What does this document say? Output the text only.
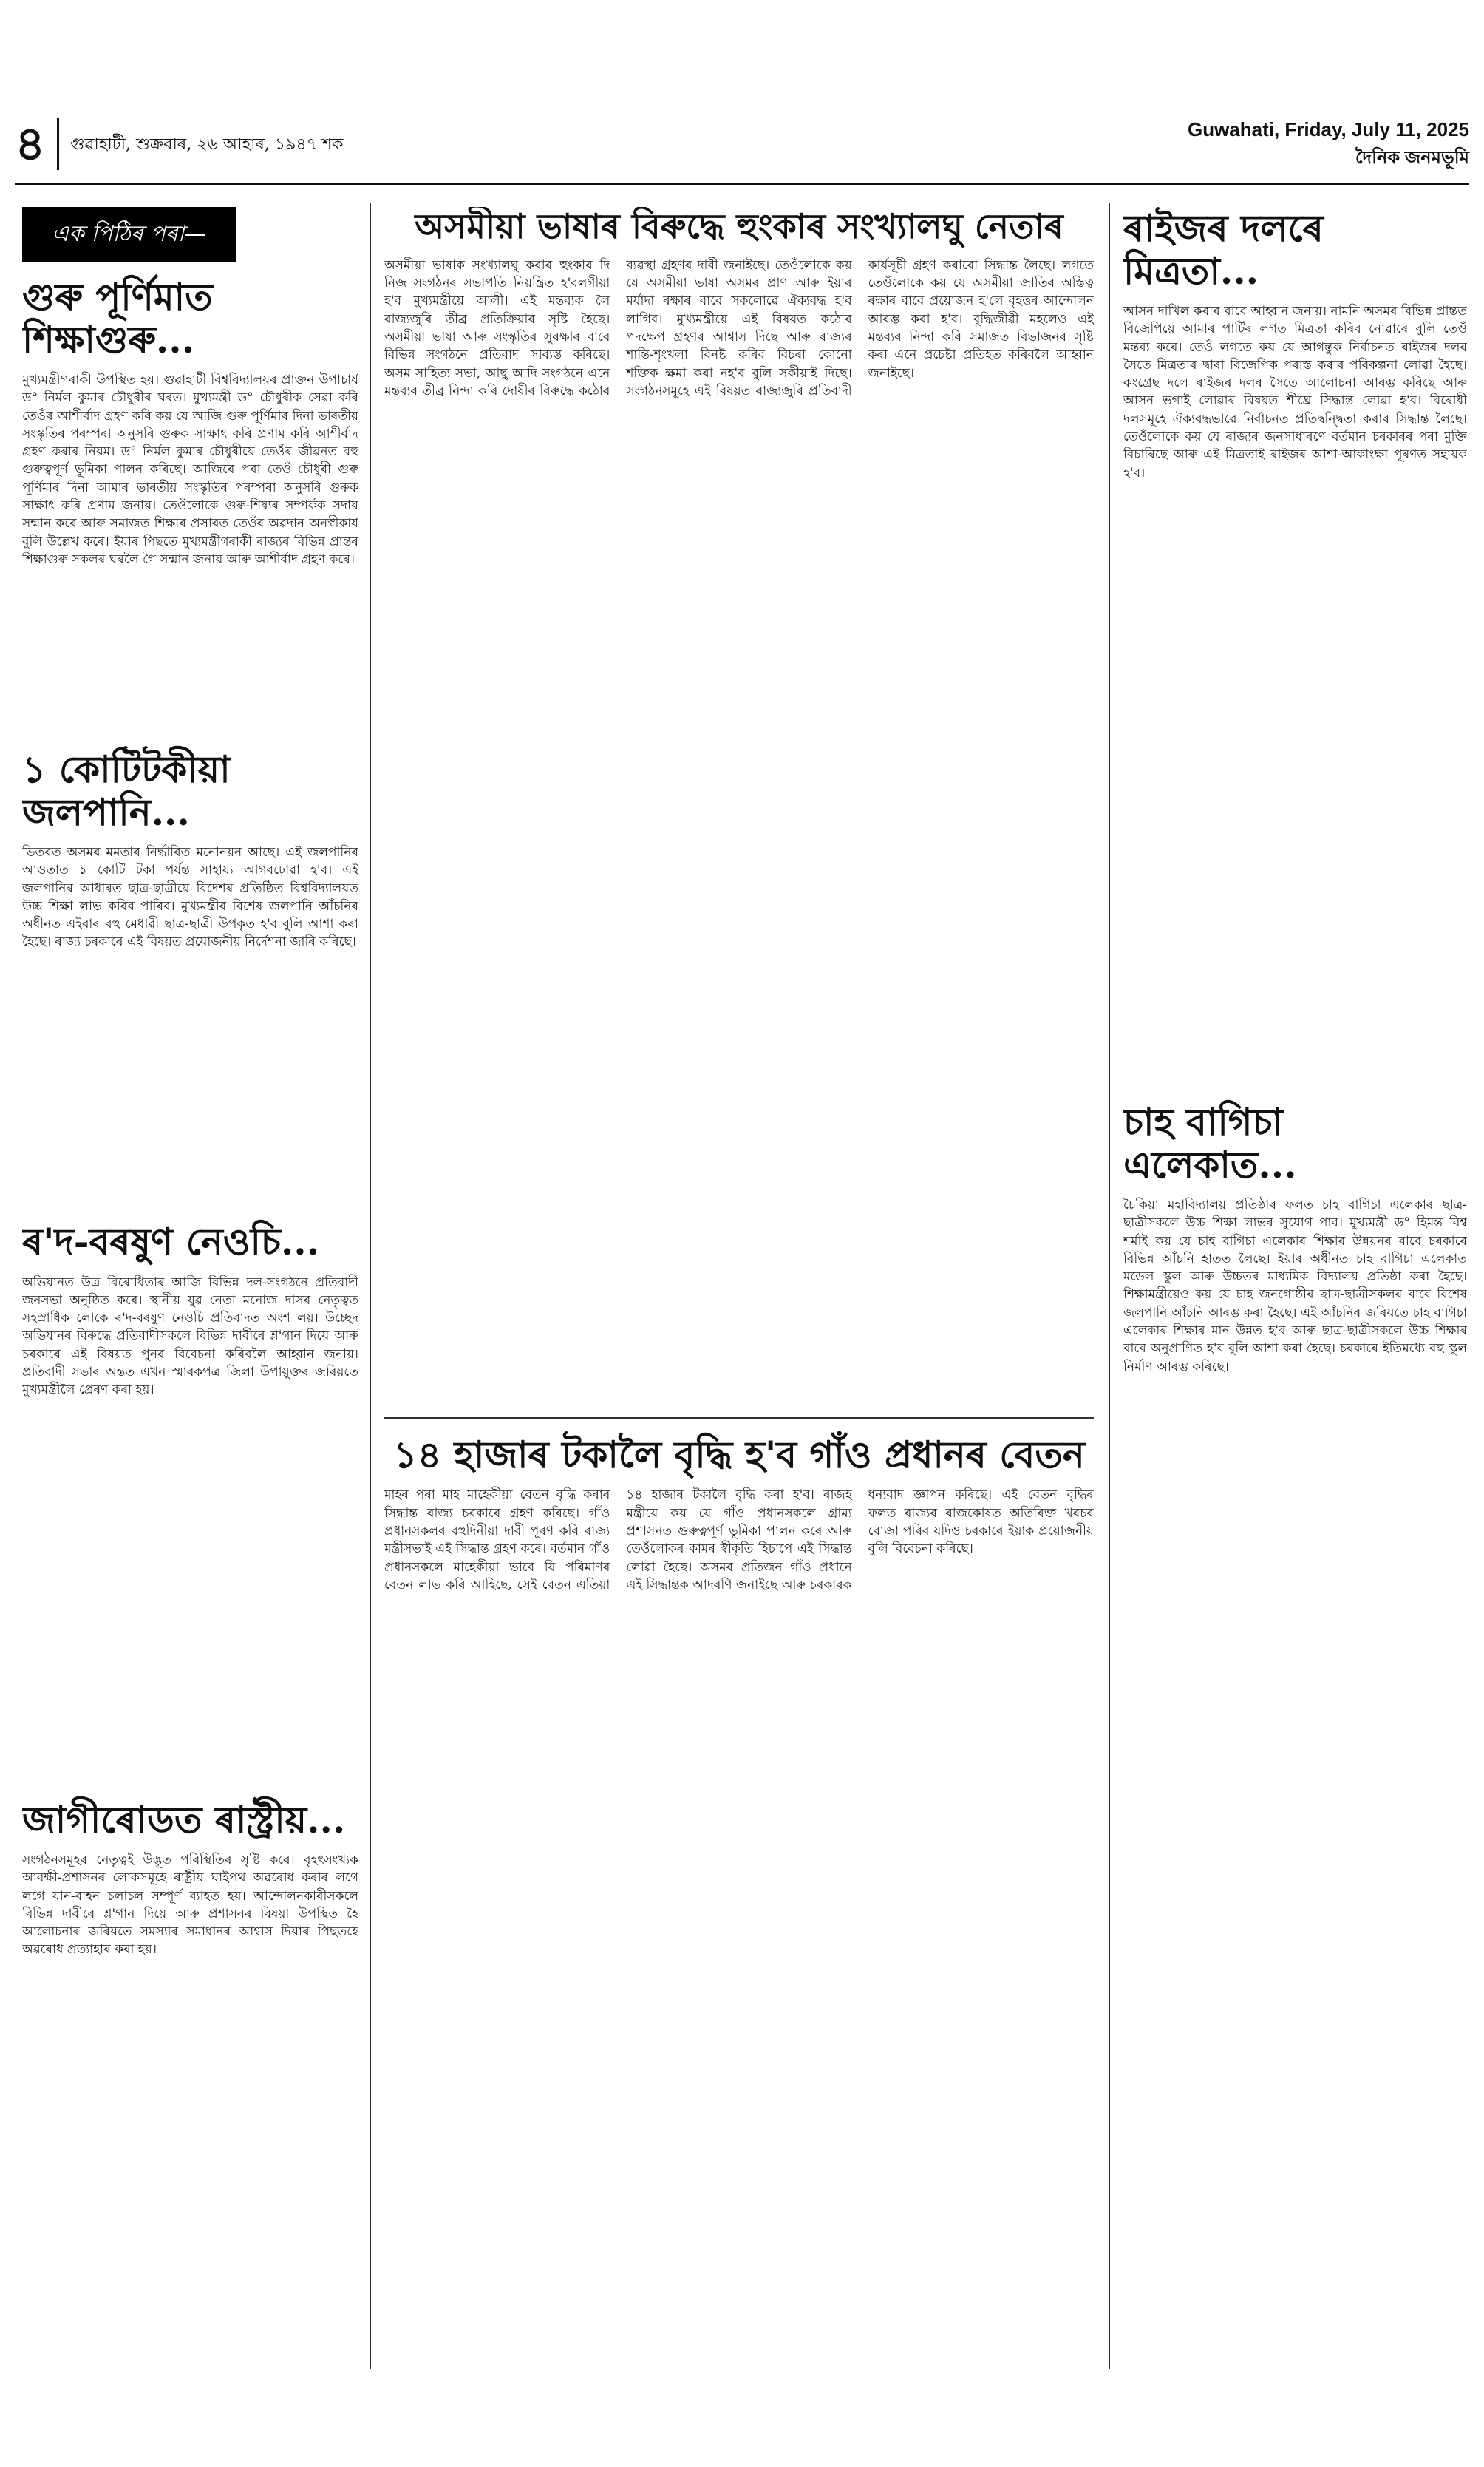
৪	গুৱাহাটী, শুক্ৰবাৰ, ২৬ আহাৰ, ১৯৪৭ শক
Guwahati, Friday, July 11, 2025
দৈনিক জনমভূমি
এক পিঠিৰ পৰা—
গুৰু পূৰ্ণিমাত শিক্ষাগুৰু...
মুখ্যমন্ত্ৰীগৰাকী উপস্থিত হয়। গুৱাহাটী বিশ্ববিদ্যালয়ৰ প্ৰাক্তন উপাচাৰ্য ড° নিৰ্মল কুমাৰ চৌধুৰীৰ ঘৰত। মুখ্যমন্ত্ৰী ড° চৌধুৰীক সেৱা কৰি তেওঁৰ আশীৰ্বাদ গ্ৰহণ কৰি কয় যে আজি গুৰু পূৰ্ণিমাৰ দিনা ভাৰতীয় সংস্কৃতিৰ পৰম্পৰা অনুসৰি গুৰুক সাক্ষাৎ কৰি প্ৰণাম কৰি আশীৰ্বাদ গ্ৰহণ কৰাৰ নিয়ম। ড° নিৰ্মল কুমাৰ চৌধুৰীয়ে তেওঁৰ জীৱনত বহু গুৰুত্বপূৰ্ণ ভূমিকা পালন কৰিছে। আজিৰে পৰা তেওঁ চৌধুৰী গুৰু পূৰ্ণিমাৰ দিনা আমাৰ ভাৰতীয় সংস্কৃতিৰ পৰম্পৰা অনুসৰি গুৰুক সাক্ষাৎ কৰি প্ৰণাম জনায়। তেওঁলোকে গুৰু-শিষ্যৰ সম্পৰ্কক সদায় সন্মান কৰে আৰু সমাজত শিক্ষাৰ প্ৰসাৰত তেওঁৰ অৱদান অনস্বীকাৰ্য বুলি উল্লেখ কৰে। ইয়াৰ পিছতে মুখ্যমন্ত্ৰীগৰাকী ৰাজ্যৰ বিভিন্ন প্ৰান্তৰ শিক্ষাগুৰু সকলৰ ঘৰলৈ গৈ সন্মান জনায় আৰু আশীৰ্বাদ গ্ৰহণ কৰে।
১ কোটিটকীয়া জলপানি...
ভিতৰত অসমৰ মমতাৰ নিৰ্দ্ধাৰিত মনোনয়ন আছে। এই জলপানিৰ আওতাত ১ কোটি টকা পৰ্যন্ত সাহায্য আগবঢ়োৱা হ'ব। এই জলপানিৰ আধাৰত ছাত্ৰ-ছাত্ৰীয়ে বিদেশৰ প্ৰতিষ্ঠিত বিশ্ববিদ্যালয়ত উচ্চ শিক্ষা লাভ কৰিব পাৰিব। মুখ্যমন্ত্ৰীৰ বিশেষ জলপানি আঁচনিৰ অধীনত এইবাৰ বহু মেধাৱী ছাত্ৰ-ছাত্ৰী উপকৃত হ'ব বুলি আশা কৰা হৈছে। ৰাজ্য চৰকাৰে এই বিষয়ত প্ৰয়োজনীয় নিৰ্দেশনা জাৰি কৰিছে।
ৰ'দ-বৰষুণ নেওচি...
অভিযানত উত্ৰ বিৰোধিতাৰ আজি বিভিন্ন দল-সংগঠনে প্ৰতিবাদী জনসভা অনুষ্ঠিত কৰে। স্থানীয় যুৱ নেতা মনোজ দাসৰ নেতৃত্বত সহস্ৰাধিক লোকে ৰ'দ-বৰষুণ নেওচি প্ৰতিবাদত অংশ লয়। উচ্ছেদ অভিযানৰ বিৰুদ্ধে প্ৰতিবাদীসকলে বিভিন্ন দাবীৰে শ্ল'গান দিয়ে আৰু চৰকাৰে এই বিষয়ত পুনৰ বিবেচনা কৰিবলৈ আহ্বান জনায়। প্ৰতিবাদী সভাৰ অন্তত এখন স্মাৰকপত্ৰ জিলা উপায়ুক্তৰ জৰিয়তে মুখ্যমন্ত্ৰীলৈ প্ৰেৰণ কৰা হয়।
জাগীৰোডত ৰাস্ট্ৰীয়...
সংগঠনসমূহৰ নেতৃত্বই উদ্ভূত পৰিস্থিতিৰ সৃষ্টি কৰে। বৃহৎসংখ্যক আবক্ষী-প্ৰশাসনৰ লোকসমূহে ৰাষ্ট্ৰীয় ঘাইপথ অৱৰোধ কৰাৰ লগে লগে যান-বাহন চলাচল সম্পূৰ্ণ ব্যাহত হয়। আন্দোলনকাৰীসকলে বিভিন্ন দাবীৰে শ্ল'গান দিয়ে আৰু প্ৰশাসনৰ বিষয়া উপস্থিত হৈ আলোচনাৰ জৰিয়তে সমস্যাৰ সমাধানৰ আশ্বাস দিয়াৰ পিছতহে অৱৰোধ প্ৰত্যাহাৰ কৰা হয়।
অসমীয়া ভাষাৰ বিৰুদ্ধে হুংকাৰ সংখ্যালঘু নেতাৰ
অসমীয়া ভাষাক সংখ্যালঘু কৰাৰ হুংকাৰ দি নিজ সংগঠনৰ সভাপতি নিয়ন্ত্ৰিত হ'বলগীয়া হ'ব মুখ্যমন্ত্ৰীয়ে আলী। এই মন্তব্যক লৈ ৰাজ্যজুৰি তীব্ৰ প্ৰতিক্ৰিয়াৰ সৃষ্টি হৈছে। অসমীয়া ভাষা আৰু সংস্কৃতিৰ সুৰক্ষাৰ বাবে বিভিন্ন সংগঠনে প্ৰতিবাদ সাব্যস্ত কৰিছে। অসম সাহিত্য সভা, আছু আদি সংগঠনে এনে মন্তব্যৰ তীব্ৰ নিন্দা কৰি দোষীৰ বিৰুদ্ধে কঠোৰ ব্যৱস্থা গ্ৰহণৰ দাবী জনাইছে। তেওঁলোকে কয় যে অসমীয়া ভাষা অসমৰ প্ৰাণ আৰু ইয়াৰ মৰ্যাদা ৰক্ষাৰ বাবে সকলোৱে ঐক্যবদ্ধ হ'ব লাগিব। মুখ্যমন্ত্ৰীয়ে এই বিষয়ত কঠোৰ পদক্ষেপ গ্ৰহণৰ আশ্বাস দিছে আৰু ৰাজ্যৰ শান্তি-শৃংখলা বিনষ্ট কৰিব বিচৰা কোনো শক্তিক ক্ষমা কৰা নহ'ব বুলি সকীয়াই দিছে। সংগঠনসমূহে এই বিষয়ত ৰাজ্যজুৰি প্ৰতিবাদী কাৰ্যসূচী গ্ৰহণ কৰাৰো সিদ্ধান্ত লৈছে। লগতে তেওঁলোকে কয় যে অসমীয়া জাতিৰ অস্তিত্ব ৰক্ষাৰ বাবে প্ৰয়োজন হ'লে বৃহত্তৰ আন্দোলন আৰম্ভ কৰা হ'ব। বুদ্ধিজীৱী মহলেও এই মন্তব্যৰ নিন্দা কৰি সমাজত বিভাজনৰ সৃষ্টি কৰা এনে প্ৰচেষ্টা প্ৰতিহত কৰিবলৈ আহ্বান জনাইছে।
১৪ হাজাৰ টকালৈ বৃদ্ধি হ'ব গাঁও প্ৰধানৰ বেতন
মাহৰ পৰা মাহ মাহেকীয়া বেতন বৃদ্ধি কৰাৰ সিদ্ধান্ত ৰাজ্য চৰকাৰে গ্ৰহণ কৰিছে। গাঁও প্ৰধানসকলৰ বহুদিনীয়া দাবী পূৰণ কৰি ৰাজ্য মন্ত্ৰীসভাই এই সিদ্ধান্ত গ্ৰহণ কৰে। বৰ্তমান গাঁও প্ৰধানসকলে মাহেকীয়া ভাবে যি পৰিমাণৰ বেতন লাভ কৰি আহিছে, সেই বেতন এতিয়া ১৪ হাজাৰ টকালৈ বৃদ্ধি কৰা হ'ব। ৰাজহ মন্ত্ৰীয়ে কয় যে গাঁও প্ৰধানসকলে গ্ৰাম্য প্ৰশাসনত গুৰুত্বপূৰ্ণ ভূমিকা পালন কৰে আৰু তেওঁলোকৰ কামৰ স্বীকৃতি হিচাপে এই সিদ্ধান্ত লোৱা হৈছে। অসমৰ প্ৰতিজন গাঁও প্ৰধানে এই সিদ্ধান্তক আদৰণি জনাইছে আৰু চৰকাৰক ধন্যবাদ জ্ঞাপন কৰিছে। এই বেতন বৃদ্ধিৰ ফলত ৰাজ্যৰ ৰাজকোষত অতিৰিক্ত খৰচৰ বোজা পৰিব যদিও চৰকাৰে ইয়াক প্ৰয়োজনীয় বুলি বিবেচনা কৰিছে।
ৰাইজৰ দলৰে মিত্ৰতা...
আসন দাখিল কৰাৰ বাবে আহ্বান জনায়। নামনি অসমৰ বিভিন্ন প্ৰান্তত বিজেপিয়ে আমাৰ পাৰ্টিৰ লগত মিত্ৰতা কৰিব নোৱাৰে বুলি তেওঁ মন্তব্য কৰে। তেওঁ লগতে কয় যে আগন্তুক নিৰ্বাচনত ৰাইজৰ দলৰ সৈতে মিত্ৰতাৰ দ্বাৰা বিজেপিক পৰাস্ত কৰাৰ পৰিকল্পনা লোৱা হৈছে। কংগ্ৰেছ দলে ৰাইজৰ দলৰ সৈতে আলোচনা আৰম্ভ কৰিছে আৰু আসন ভগাই লোৱাৰ বিষয়ত শীঘ্ৰে সিদ্ধান্ত লোৱা হ'ব। বিৰোধী দলসমূহে ঐক্যবদ্ধভাৱে নিৰ্বাচনত প্ৰতিদ্বন্দ্বিতা কৰাৰ সিদ্ধান্ত লৈছে। তেওঁলোকে কয় যে ৰাজ্যৰ জনসাধাৰণে বৰ্তমান চৰকাৰৰ পৰা মুক্তি বিচাৰিছে আৰু এই মিত্ৰতাই ৰাইজৰ আশা-আকাংক্ষা পূৰণত সহায়ক হ'ব।
চাহ বাগিচা এলেকাত...
চৈকিয়া মহাবিদ্যালয় প্ৰতিষ্ঠাৰ ফলত চাহ বাগিচা এলেকাৰ ছাত্ৰ-ছাত্ৰীসকলে উচ্চ শিক্ষা লাভৰ সুযোগ পাব। মুখ্যমন্ত্ৰী ড° হিমন্ত বিশ্ব শৰ্মাই কয় যে চাহ বাগিচা এলেকাৰ শিক্ষাৰ উন্নয়নৰ বাবে চৰকাৰে বিভিন্ন আঁচনি হাতত লৈছে। ইয়াৰ অধীনত চাহ বাগিচা এলেকাত মডেল স্কুল আৰু উচ্চতৰ মাধ্যমিক বিদ্যালয় প্ৰতিষ্ঠা কৰা হৈছে। শিক্ষামন্ত্ৰীয়েও কয় যে চাহ জনগোষ্ঠীৰ ছাত্ৰ-ছাত্ৰীসকলৰ বাবে বিশেষ জলপানি আঁচনি আৰম্ভ কৰা হৈছে। এই আঁচনিৰ জৰিয়তে চাহ বাগিচা এলেকাৰ শিক্ষাৰ মান উন্নত হ'ব আৰু ছাত্ৰ-ছাত্ৰীসকলে উচ্চ শিক্ষাৰ বাবে অনুপ্ৰাণিত হ'ব বুলি আশা কৰা হৈছে। চৰকাৰে ইতিমধ্যে বহু স্কুল নিৰ্মাণ আৰম্ভ কৰিছে।
